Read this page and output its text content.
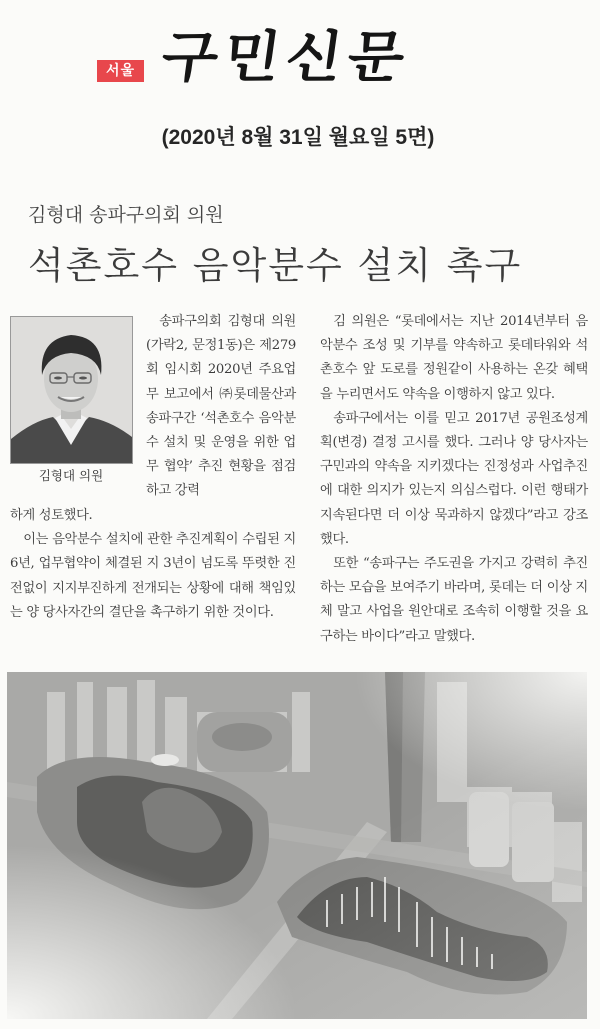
서울 구민신문
(2020년 8월 31일 월요일 5면)
김형대 송파구의회 의원
석촌호수 음악분수 설치 촉구
김형대 의원

송파구의회 김형대 의원(가락2, 문정1동)은 제279회 임시회 2020년 주요업무 보고에서 ㈜롯데물산과 송파구간 ‘석촌호수 음악분수 설치 및 운영을 위한 업무 협약’ 추진 현황을 점검하고 강력

하게 성토했다.

이는 음악분수 설치에 관한 추진계획이 수립된 지 6년, 업무협약이 체결된 지 3년이 넘도록 뚜렷한 진전없이 지지부진하게 전개되는 상황에 대해 책임있는 양 당사자간의 결단을 촉구하기 위한 것이다.

김 의원은 “롯데에서는 지난 2014년부터 음악분수 조성 및 기부를 약속하고 롯데타워와 석촌호수 앞 도로를 정원같이 사용하는 온갖 혜택을 누리면서도 약속을 이행하지 않고 있다.

송파구에서는 이를 믿고 2017년 공원조성계획(변경) 결정 고시를 했다. 그러나 양 당사자는 구민과의 약속을 지키겠다는 진정성과 사업추진에 대한 의지가 있는지 의심스럽다. 이런 행태가 지속된다면 더 이상 묵과하지 않겠다”라고 강조했다.

또한 “송파구는 주도권을 가지고 강력히 추진하는 모습을 보여주기 바라며, 롯데는 더 이상 지체 말고 사업을 원안대로 조속히 이행할 것을 요구하는 바이다”라고 말했다.
